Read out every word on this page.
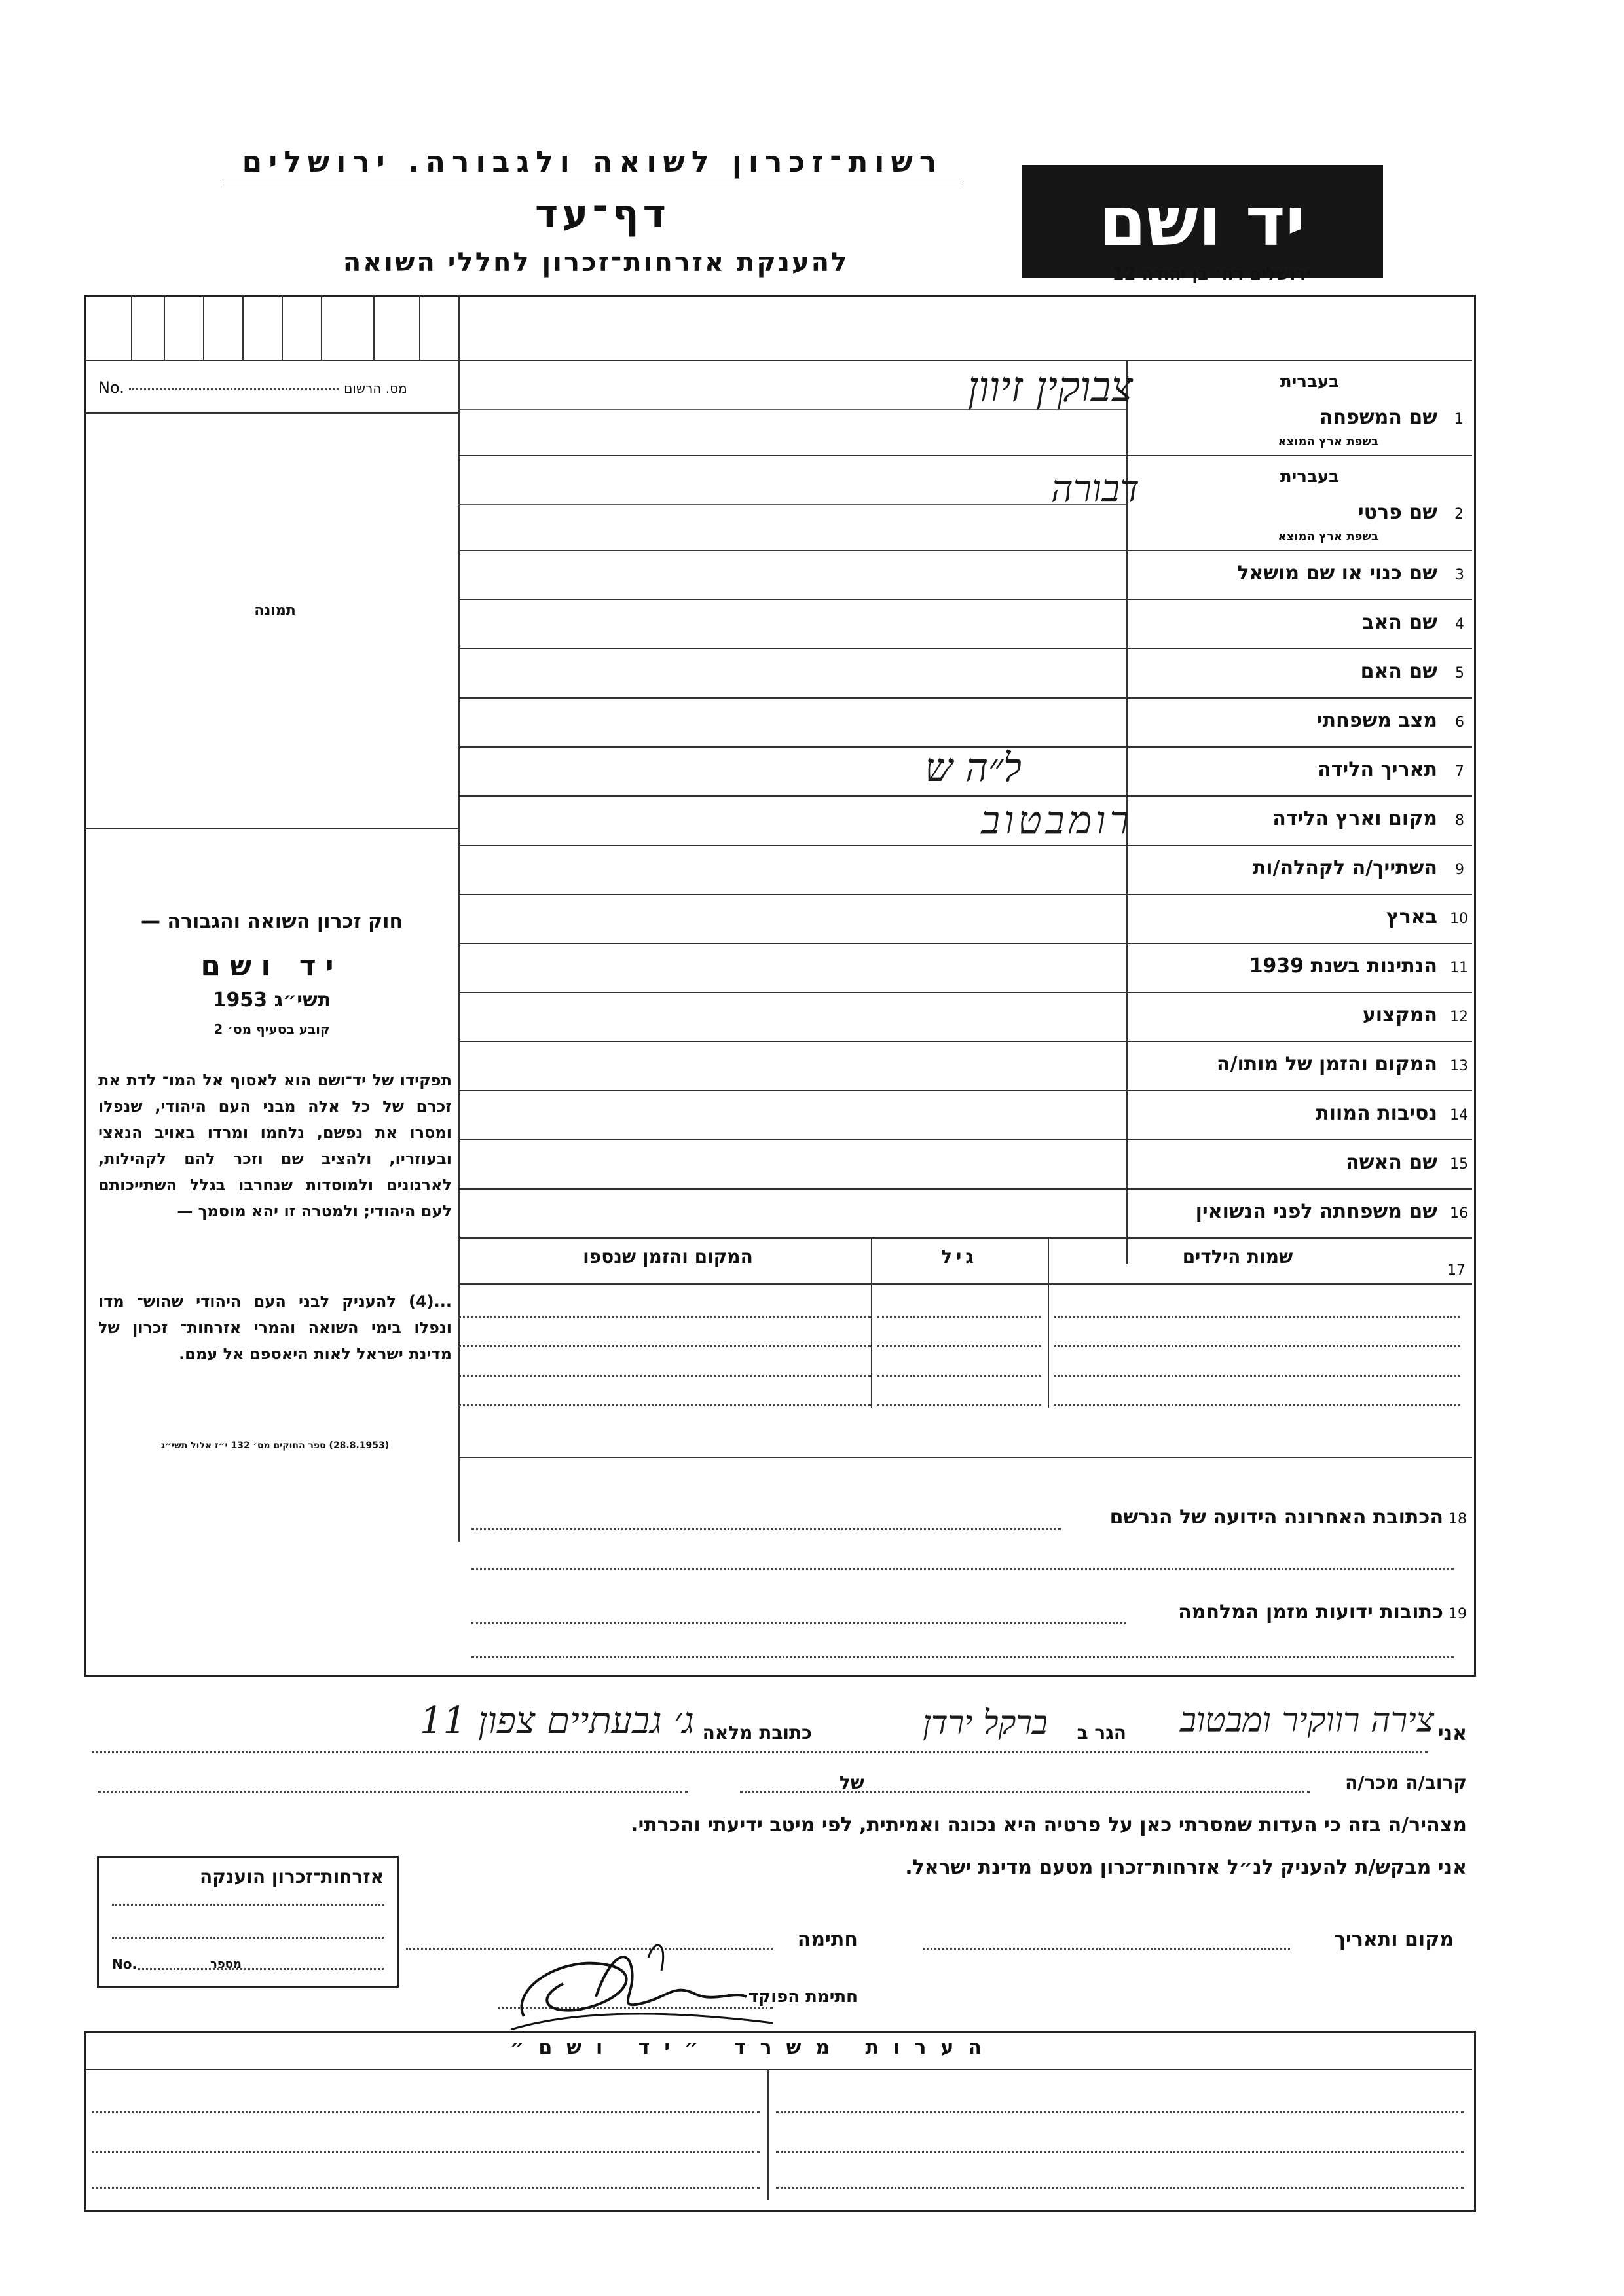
רשות־זכרון לשואה ולגבורה. ירושלים
דף־עד
להענקת אזרחות־זכרון לחללי השואה
יד ושם
ירושלים רח׳ בן יהודה 12
No.	מס. הרשום
תמונה
חוק זכרון השואה והגבורה —
יד ושם
תשי״ג 1953
קובע בסעיף מס׳ 2
תפקידו של יד־ושם הוא לאסוף אל המו־ לדת את זכרם של כל אלה מבני העם היהודי, שנפלו ומסרו את נפשם, נלחמו ומרדו באויב הנאצי ובעוזריו, ולהציב שם וזכר להם לקהילות, לארגונים ולמוסדות שנחרבו בגלל השתייכותם לעם היהודי; ולמטרה זו יהא מוסמך —
...(4) להעניק לבני העם היהודי שהוש־ מדו ונפלו בימי השואה והמרי אזרחות־ זכרון של מדינת ישראל לאות היאספם אל עמם.
(28.8.1953) ספר החוקים מס׳ 132 י״ז אלול תשי״ג
בעברית
שם המשפחה 1
בשפת ארץ המוצא
צבוקין זיוון
בעברית
שם פרטי 2
בשפת ארץ המוצא
דבורה
שם כנוי או שם מושאל 3
שם האב 4
שם האם 5
מצב משפחתי 6
תאריך הלידה 7
ל״ה ש
מקום וארץ הלידה 8
רומבטוב
השתייך/ה לקהלה/ות 9
בארץ 10
הנתינות בשנת 1939 11
המקצוע 12
המקום והזמן של מותו/ה 13
נסיבות המוות 14
שם האשה 15
שם משפחתה לפני הנשואין 16
המקום והזמן שנספו	גיל	שמות הילדים
17
18
הכתובת האחרונה הידועה של הנרשם
19
כתובות ידועות מזמן המלחמה
אני
צירה רווקיר ומבטוב
הגר ב
ברקל ירדן
כתובת מלאה
ג׳ גבעתיים צפון 11
קרוב/ה מכר/ה
של
מצהיר/ה בזה כי העדות שמסרתי כאן על פרטיה היא נכונה ואמיתית, לפי מיטב ידיעתי והכרתי.
אני מבקש/ת להעניק לנ״ל אזרחות־זכרון מטעם מדינת ישראל.
אזרחות־זכרון הוענקה
No.	מספר
מקום ותאריך
חתימה
חתימת הפוקד
הערות משרד ״יד ושם״
